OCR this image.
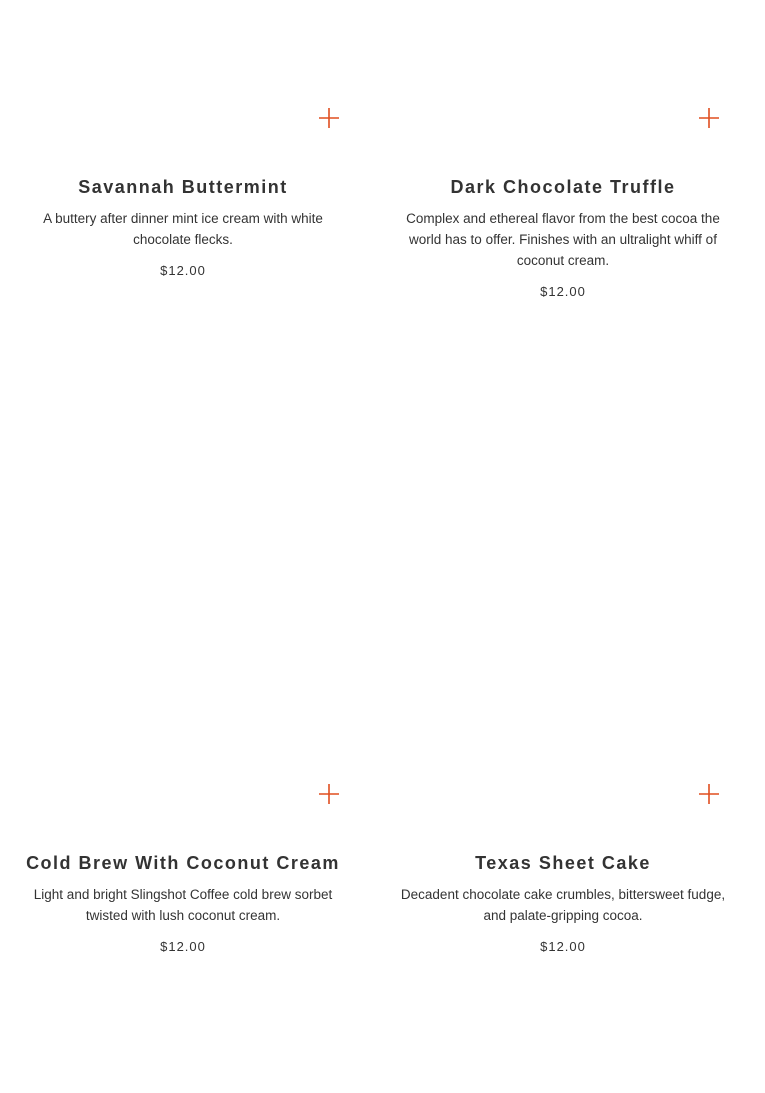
Savannah Buttermint

A buttery after dinner mint ice cream with white chocolate flecks.

$12.00

Dark Chocolate Truffle

Complex and ethereal flavor from the best cocoa the world has to offer. Finishes with an ultralight whiff of coconut cream.

$12.00

Cold Brew With Coconut Cream

Light and bright Slingshot Coffee cold brew sorbet twisted with lush coconut cream.

$12.00

Texas Sheet Cake

Decadent chocolate cake crumbles, bittersweet fudge, and palate-gripping cocoa.

$12.00
